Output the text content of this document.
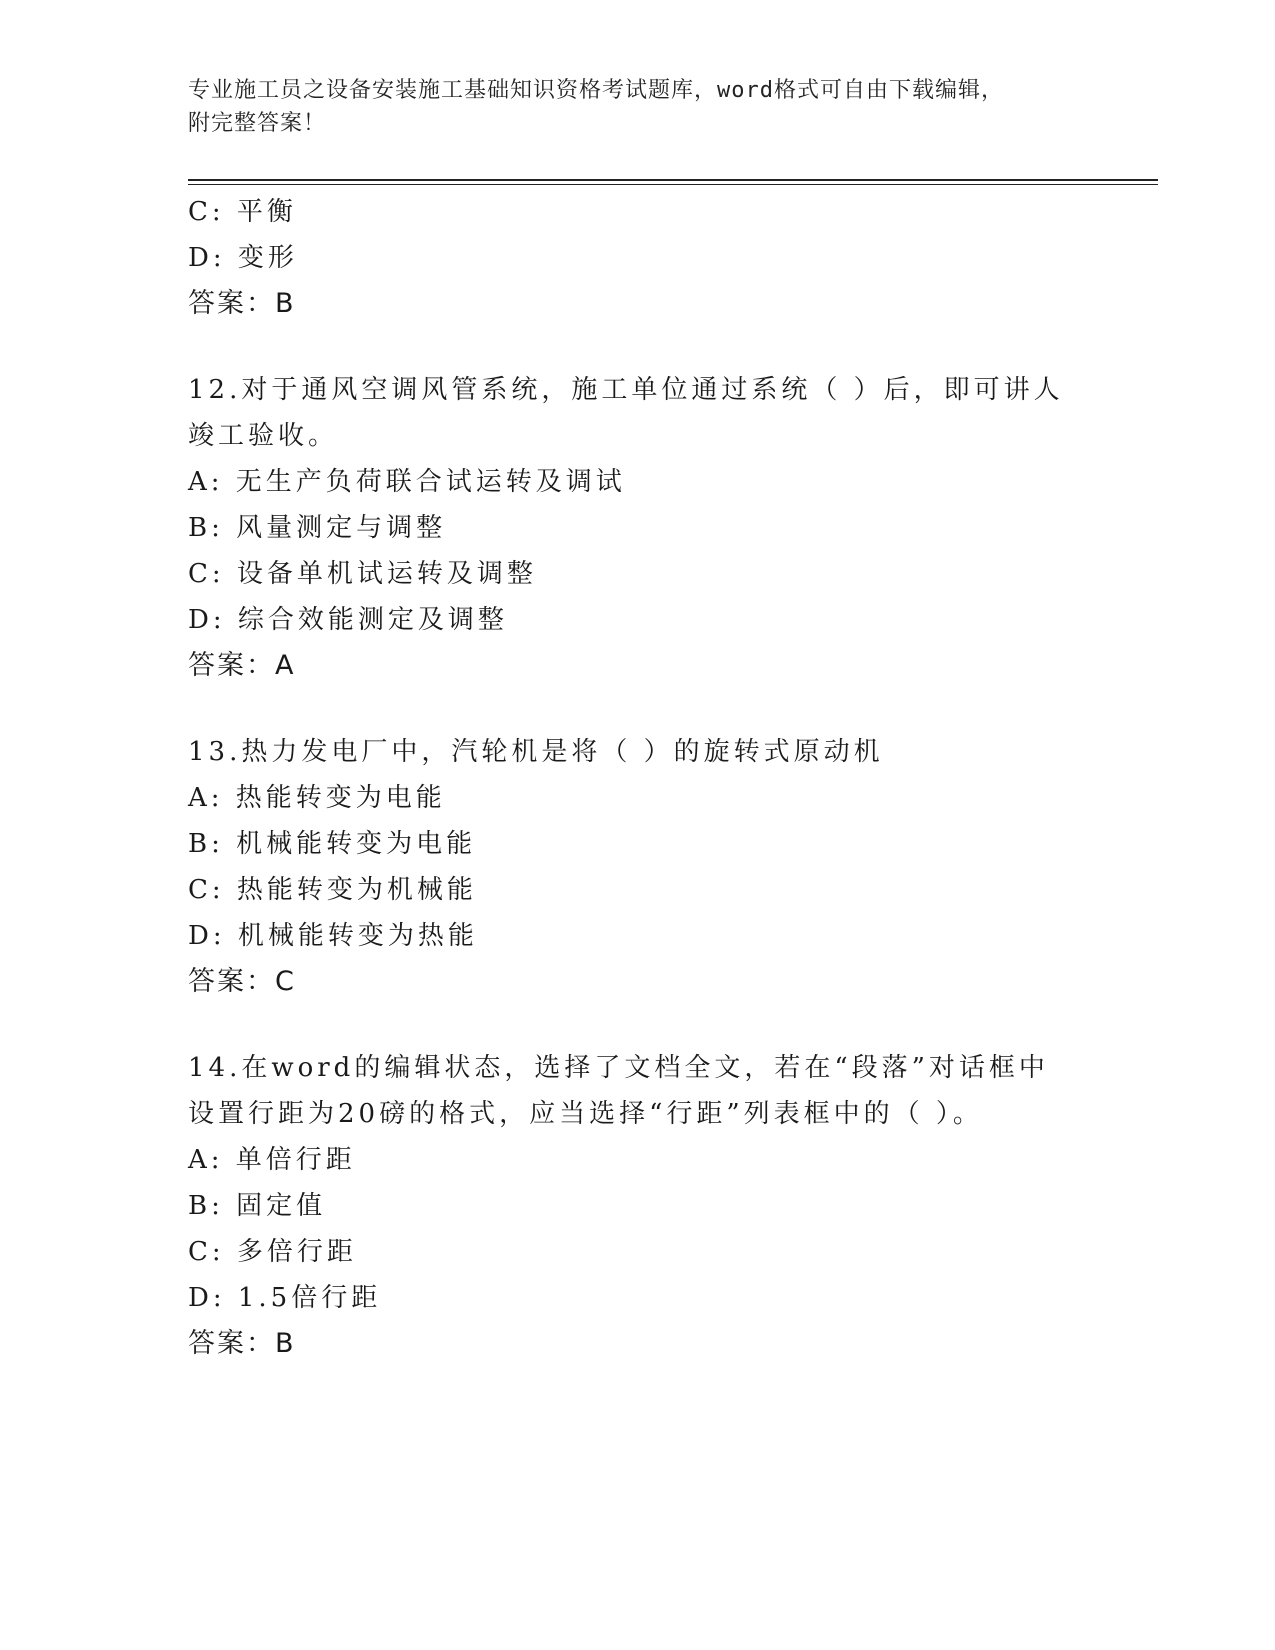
专业施工员之设备安装施工基础知识资格考试题库，word格式可自由下载编辑，
附完整答案！
C: 平衡
D: 变形
答案：B
12.对于通风空调风管系统，施工单位通过系统（ ）后，即可讲人竣工验收。
A: 无生产负荷联合试运转及调试
B: 风量测定与调整
C: 设备单机试运转及调整
D: 综合效能测定及调整
答案：A
13.热力发电厂中，汽轮机是将（ ）的旋转式原动机
A: 热能转变为电能
B: 机械能转变为电能
C: 热能转变为机械能
D: 机械能转变为热能
答案：C
14.在word的编辑状态，选择了文档全文，若在“段落”对话框中设置行距为20磅的格式，应当选择“行距”列表框中的（ ）。
A: 单倍行距
B: 固定值
C: 多倍行距
D: 1.5倍行距
答案：B
